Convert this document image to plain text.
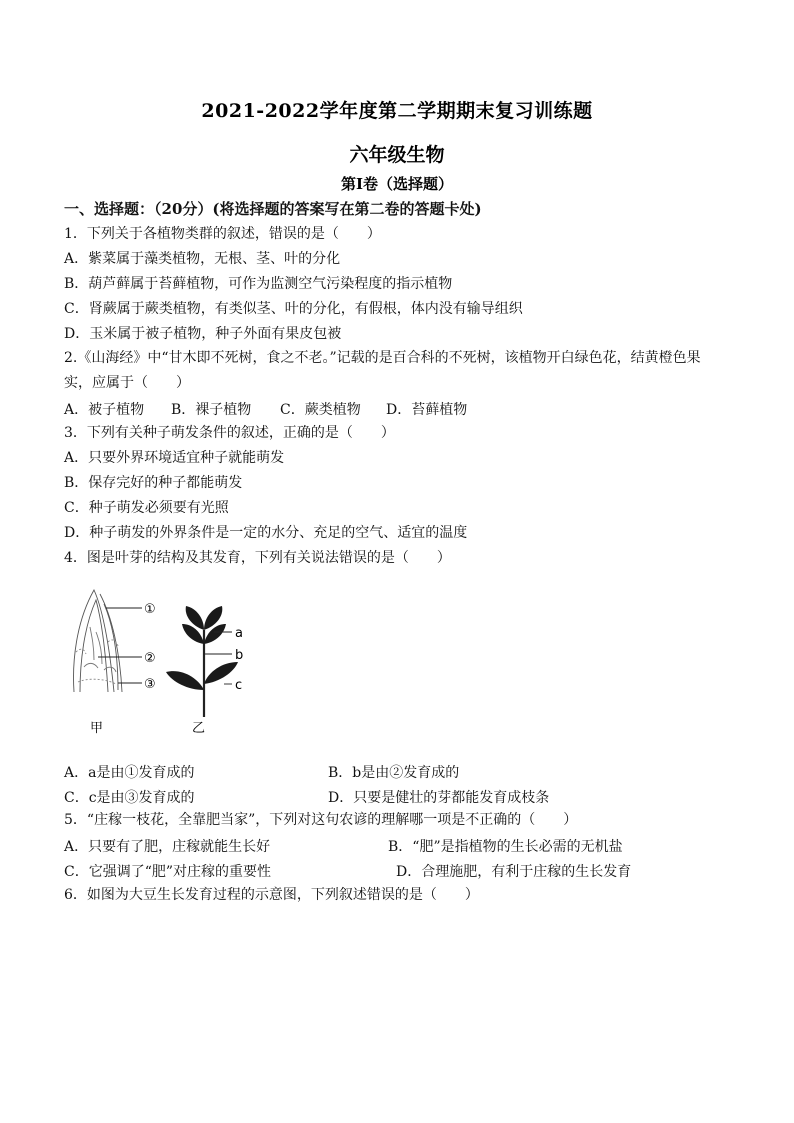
2021-2022学年度第二学期期末复习训练题
六年级生物
第Ⅰ卷（选择题）
一、选择题：（20分）(将选择题的答案写在第二卷的答题卡处)
1．下列关于各植物类群的叙述，错误的是（　　）
A．紫菜属于藻类植物，无根、茎、叶的分化
B．葫芦藓属于苔藓植物，可作为监测空气污染程度的指示植物
C．肾蕨属于蕨类植物，有类似茎、叶的分化，有假根，体内没有输导组织
D．玉米属于被子植物，种子外面有果皮包被
2.《山海经》中“甘木即不死树，食之不老。”记载的是百合科的不死树，该植物开白绿色花，结黄橙色果
实，应属于（　　）
A．被子植物 B．裸子植物 C．蕨类植物 D．苔藓植物
3．下列有关种子萌发条件的叙述，正确的是（　　）
A．只要外界环境适宜种子就能萌发
B．保存完好的种子都能萌发
C．种子萌发必须要有光照
D．种子萌发的外界条件是一定的水分、充足的空气、适宜的温度
4．图是叶芽的结构及其发育，下列有关说法错误的是（　　）
①
②
③
a
b
c
甲	乙
A．a是由①发育成的	B．b是由②发育成的
C．c是由③发育成的	D．只要是健壮的芽都能发育成枝条
5．“庄稼一枝花，全靠肥当家”，下列对这句农谚的理解哪一项是不正确的（　　）
A．只要有了肥，庄稼就能生长好	B．“肥”是指植物的生长必需的无机盐
C．它强调了“肥”对庄稼的重要性	D．合理施肥，有利于庄稼的生长发育
6．如图为大豆生长发育过程的示意图，下列叙述错误的是（　　）
